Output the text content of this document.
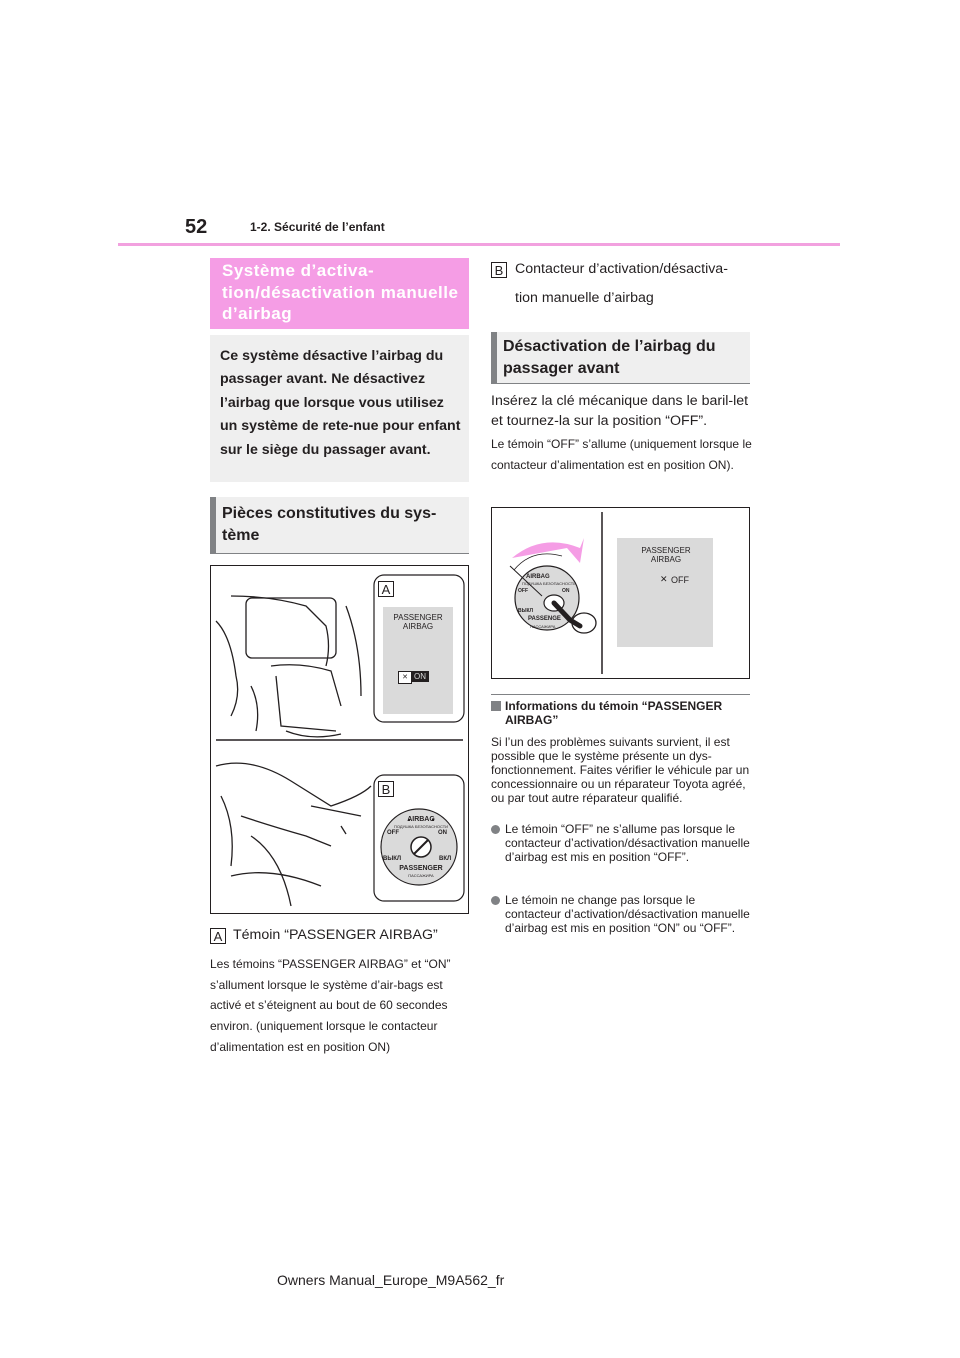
52	1-2. Sécurité de l’enfant
Système d’activa-tion/désactivation manuelle d’airbag
Ce système désactive l’airbag du passager avant. Ne désactivez l’airbag que lorsque vous utilisez un système de rete-nue pour enfant sur le siège du passager avant.
Pièces constitutives du sys-tème
A
B
PASSENGER
AIRBAG
✕ ON
AIRBAG
ПОДУШКА БЕЗОПАСНОСТИ
OFF	ON
ВЫКЛ	ВКЛ
PASSENGER
ПАССАЖИРА
A Témoin “PASSENGER AIRBAG”
Les témoins “PASSENGER AIRBAG” et “ON” s’allument lorsque le système d’air-bags est activé et s’éteignent au bout de 60 secondes environ. (uniquement lorsque le contacteur d’alimentation est en position ON)
B Contacteur d’activation/désactiva-
tion manuelle d’airbag
Désactivation de l’airbag du passager avant
Insérez la clé mécanique dans le baril-let et tournez-la sur la position “OFF”.
Le témoin “OFF” s’allume (uniquement lorsque le contacteur d’alimentation est en position ON).
AIRBAG
ПОДУШКА БЕЗОПАСНОСТИ
OFF	ON
ВЫКЛ
PASSENGE
ПАССАЖИРА
PASSENGER
AIRBAG
✕ OFF
Informations du témoin “PASSENGER AIRBAG”
Si l’un des problèmes suivants survient, il est possible que le système présente un dys-fonctionnement. Faites vérifier le véhicule par un concessionnaire ou un réparateur Toyota agréé, ou par tout autre réparateur qualifié.
Le témoin “OFF” ne s’allume pas lorsque le contacteur d’activation/désactivation manuelle d’airbag est mis en position “OFF”.
Le témoin ne change pas lorsque le contacteur d’activation/désactivation manuelle d’airbag est mis en position “ON” ou “OFF”.
Owners Manual_Europe_M9A562_fr
